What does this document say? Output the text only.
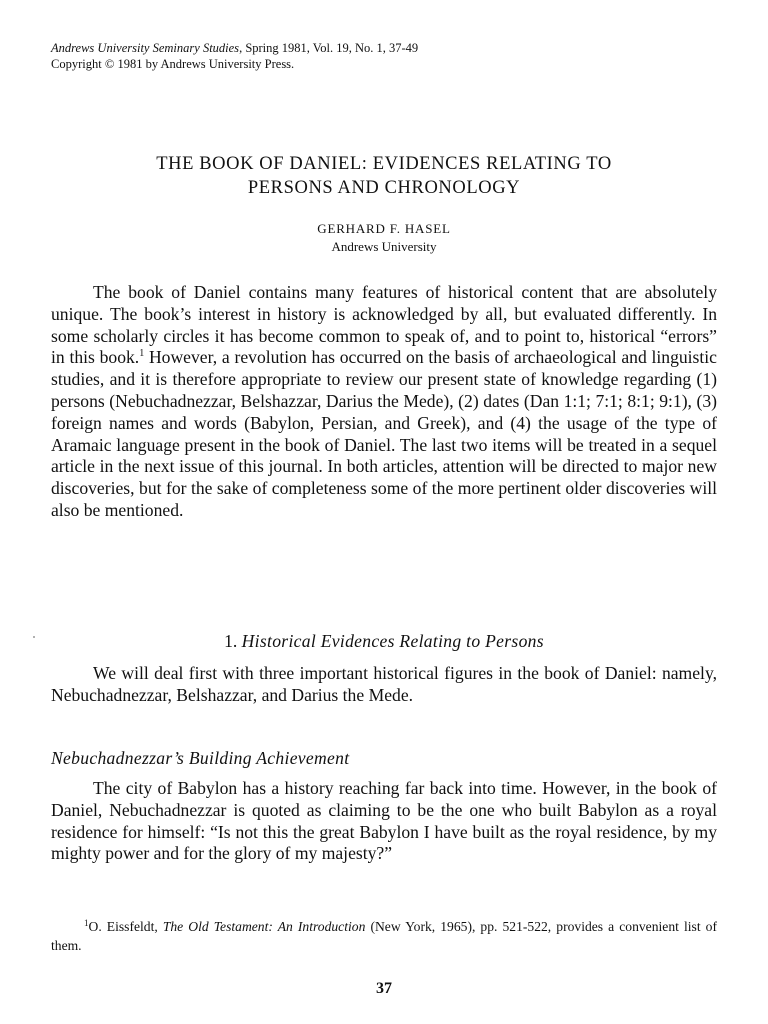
Andrews University Seminary Studies, Spring 1981, Vol. 19, No. 1, 37-49
Copyright © 1981 by Andrews University Press.
THE BOOK OF DANIEL: EVIDENCES RELATING TO
PERSONS AND CHRONOLOGY
GERHARD F. HASEL
Andrews University

The book of Daniel contains many features of historical content that are absolutely unique. The book’s interest in history is acknowledged by all, but evaluated differently. In some scholarly circles it has become common to speak of, and to point to, historical “errors” in this book.$^1$ However, a revolution has occurred on the basis of archaeological and linguistic studies, and it is therefore appropriate to review our present state of knowledge regarding (1) persons (Nebuchadnezzar, Belshazzar, Darius the Mede), (2) dates (Dan 1:1; 7:1; 8:1; 9:1), (3) foreign names and words (Babylon, Persian, and Greek), and (4) the usage of the type of Aramaic language present in the book of Daniel. The last two items will be treated in a sequel article in the next issue of this journal. In both articles, attention will be directed to major new discoveries, but for the sake of completeness some of the more pertinent older discoveries will also be mentioned.

1. Historical Evidences Relating to Persons

We will deal first with three important historical figures in the book of Daniel: namely, Nebuchadnezzar, Belshazzar, and Darius the Mede.

Nebuchadnezzar’s Building Achievement

The city of Babylon has a history reaching far back into time. However, in the book of Daniel, Nebuchadnezzar is quoted as claiming to be the one who built Babylon as a royal residence for himself: “Is not this the great Babylon I have built as the royal residence, by my mighty power and for the glory of my majesty?”

$^1$O. Eissfeldt, The Old Testament: An Introduction (New York, 1965), pp. 521-522, provides a convenient list of them.
37
